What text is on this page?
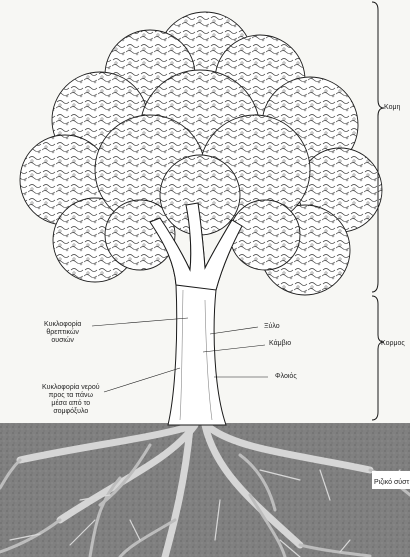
Κομη
Κορμος
Ριζικό σύστ
Κυκλοφορία
θρεπτικών
ουσιών
Κυκλοφορία νερού
προς τα πάνω
μέσα από το
σομφόξυλο
Ξύλο
Κάμβιο
Φλοιός
